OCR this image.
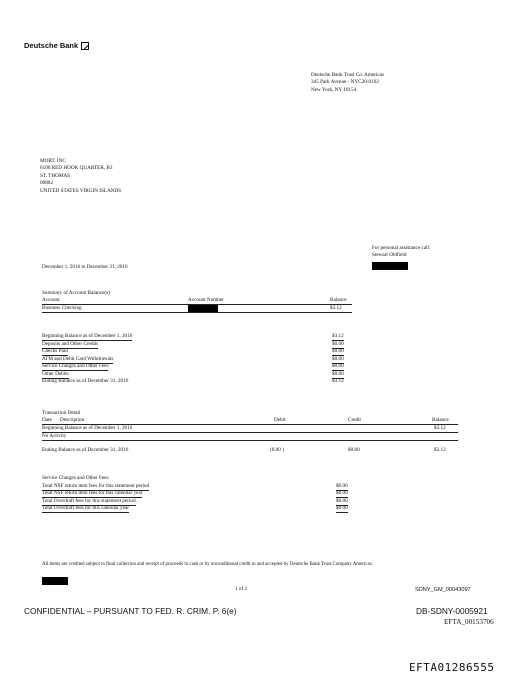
Deutsche Bank
Deutsche Bank Trust Co. Americas
345 Park Avenue - NYC20-0102
New York, NY 10154
MORT, INC
6100 RED HOOK QUARTER, B3
ST. THOMAS
00802
UNITED STATES VIRGIN ISLANDS
For personal assistance call:
Stewart Oldfield
December 1, 2016 to December 31, 2016
Summary of Account Balance(s)
Account	Account Number	Balance
Business Checking	$3.12
Beginning Balance as of December 1, 2016	$3.12
Deposits and Other Credits	$0.00
Checks Paid	$0.00
ATM and Debit Card Withdrawals	$0.00
Service Charges and Other Fees	$0.00
Other Debits	$0.00
Ending Balance as of December 31, 2016	$3.12
Transaction Detail
Date Description	Debit	Credit	Balance
Beginning Balance as of December 1, 2016	$3.12
No Activity
Ending Balance as of December 31, 2016	(0.00 )	$0.00	$3.12
Service Charges and Other Fees
Total NSF return item fees for this statement period	$0.00
Total NSF return item fees for this calendar year	$0.00
Total Overdraft fees for this statement period	$0.00
Total Overdraft fees for this calendar year	$0.00
All items are credited subject to final collection and receipt of proceeds in cash or by unconditional credit to and accepted by Deutsche Bank Trust Company Americas.
1 of 2	SDNY_GM_00043097
CONFIDENTIAL – PURSUANT TO FED. R. CRIM. P. 6(e)	DB-SDNY-0005921
EFTA_00153706
EFTA01286555
